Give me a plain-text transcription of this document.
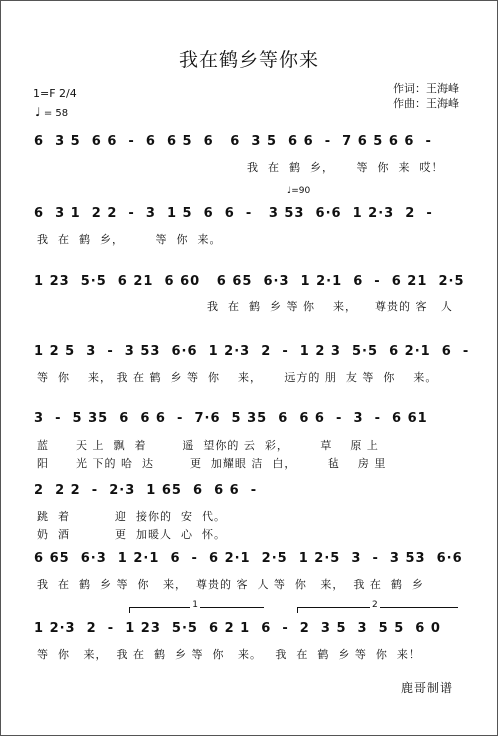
我在鹤乡等你来
作词：王海峰
作曲：王海峰
1=F 2/4
♩ = 58
♩=90
6  3 5  6 6  -  6  6 5  6   6  3 5  6 6  -  7 6 5 6 6  -
我  在  鹤  乡，     等  你  来  哎！
6  3 1  2 2  -  3  1 5  6  6  -   3 53  6·6  1 2·3  2  -
我  在  鹤  乡，       等  你  来。
1 23  5·5  6 21  6 60   6 65  6·3  1 2·1  6  -  6 21  2·5
我  在  鹤  乡 等 你    来，    尊贵的 客   人
1 2 5  3  -  3 53  6·6  1 2·3  2  -  1 2 3  5·5  6 2·1  6  -
等  你    来， 我 在 鹤  乡 等  你    来，     远方的 朋  友 等  你    来。
3  -  5 35  6  6 6  -  7·6  5 35  6  6 6  -  3  -  6 61
蓝      天 上  飘  着        遥  望你的 云  彩，       草    原 上
阳      光 下的 哈  达        更  加耀眼 洁  白，       毡    房 里
2  2 2  -  2·3  1 65  6  6 6  -
跳  着          迎  接你的  安  代。
奶  酒          更  加暖人  心  怀。
6 65  6·3  1 2·1  6  -  6 2·1  2·5  1 2·5  3  -  3 53  6·6
我  在  鹤  乡 等  你   来，  尊贵的 客  人 等  你   来，  我 在  鹤  乡
1	2
1 2·3  2  -  1 23  5·5  6 2 1  6  -  2  3 5  3  5 5  6 0
等  你   来，  我 在  鹤  乡 等  你   来。   我  在  鹤  乡 等  你  来！
鹿哥制谱
